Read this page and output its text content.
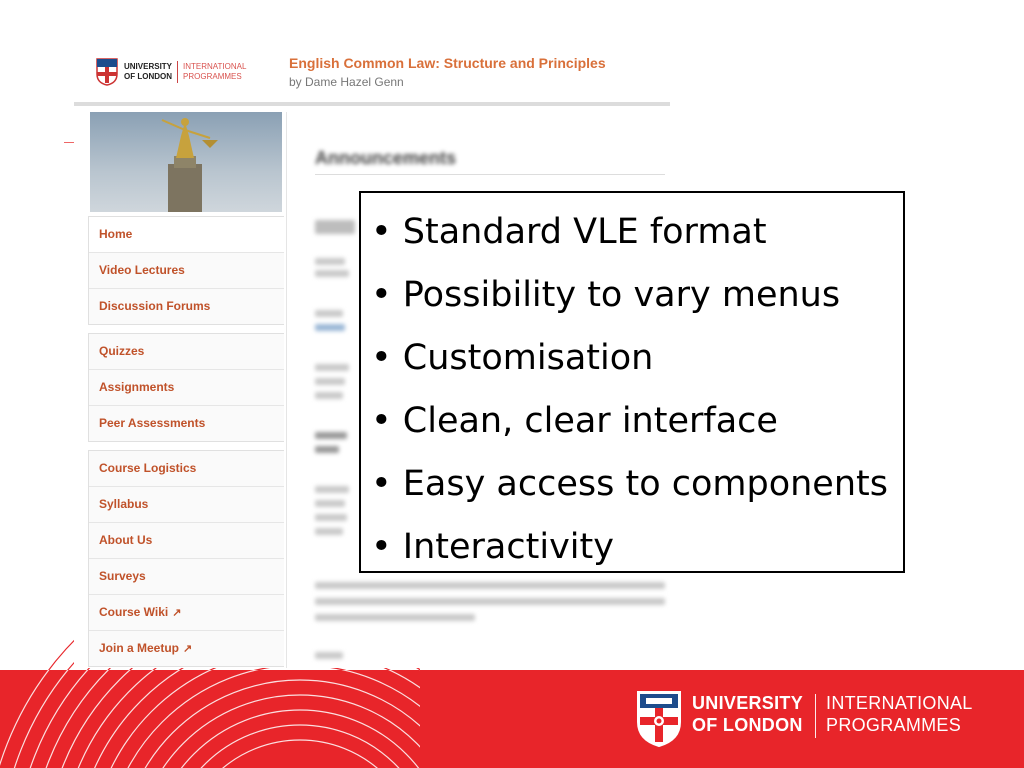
UNIVERSITY
OF LONDON
INTERNATIONAL
PROGRAMMES
English Common Law: Structure and Principles
by Dame Hazel Genn
Home
Video Lectures
Discussion Forums
Quizzes
Assignments
Peer Assessments
Course Logistics
Syllabus
About Us
Surveys
Course Wiki ↗
Join a Meetup ↗
Announcements
• Standard VLE format
• Possibility to vary menus
• Customisation
• Clean, clear interface
• Easy access to components
• Interactivity
UNIVERSITY
OF LONDON
INTERNATIONAL
PROGRAMMES
